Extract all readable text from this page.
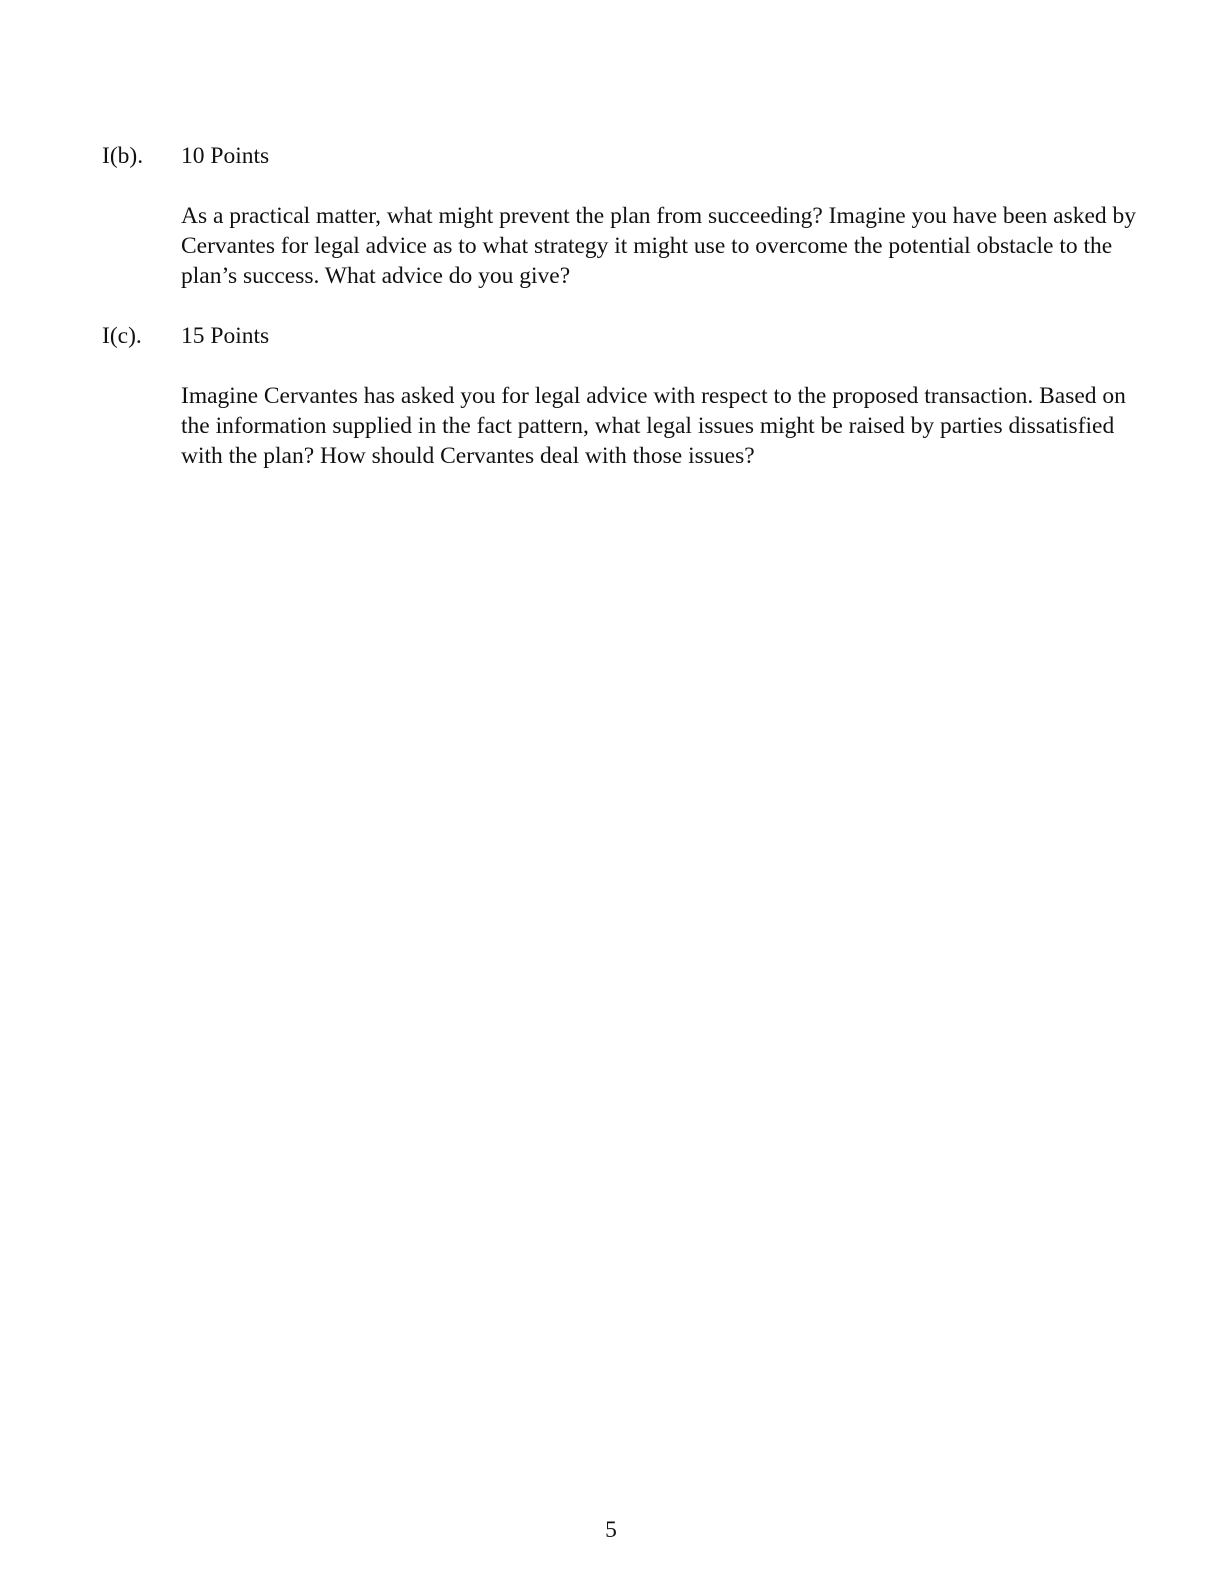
I(b). 10 Points

As a practical matter, what might prevent the plan from succeeding? Imagine you have been asked by Cervantes for legal advice as to what strategy it might use to overcome the potential obstacle to the plan’s success. What advice do you give?

I(c). 15 Points

Imagine Cervantes has asked you for legal advice with respect to the proposed transaction. Based on the information supplied in the fact pattern, what legal issues might be raised by parties dissatisfied with the plan? How should Cervantes deal with those issues?

5
